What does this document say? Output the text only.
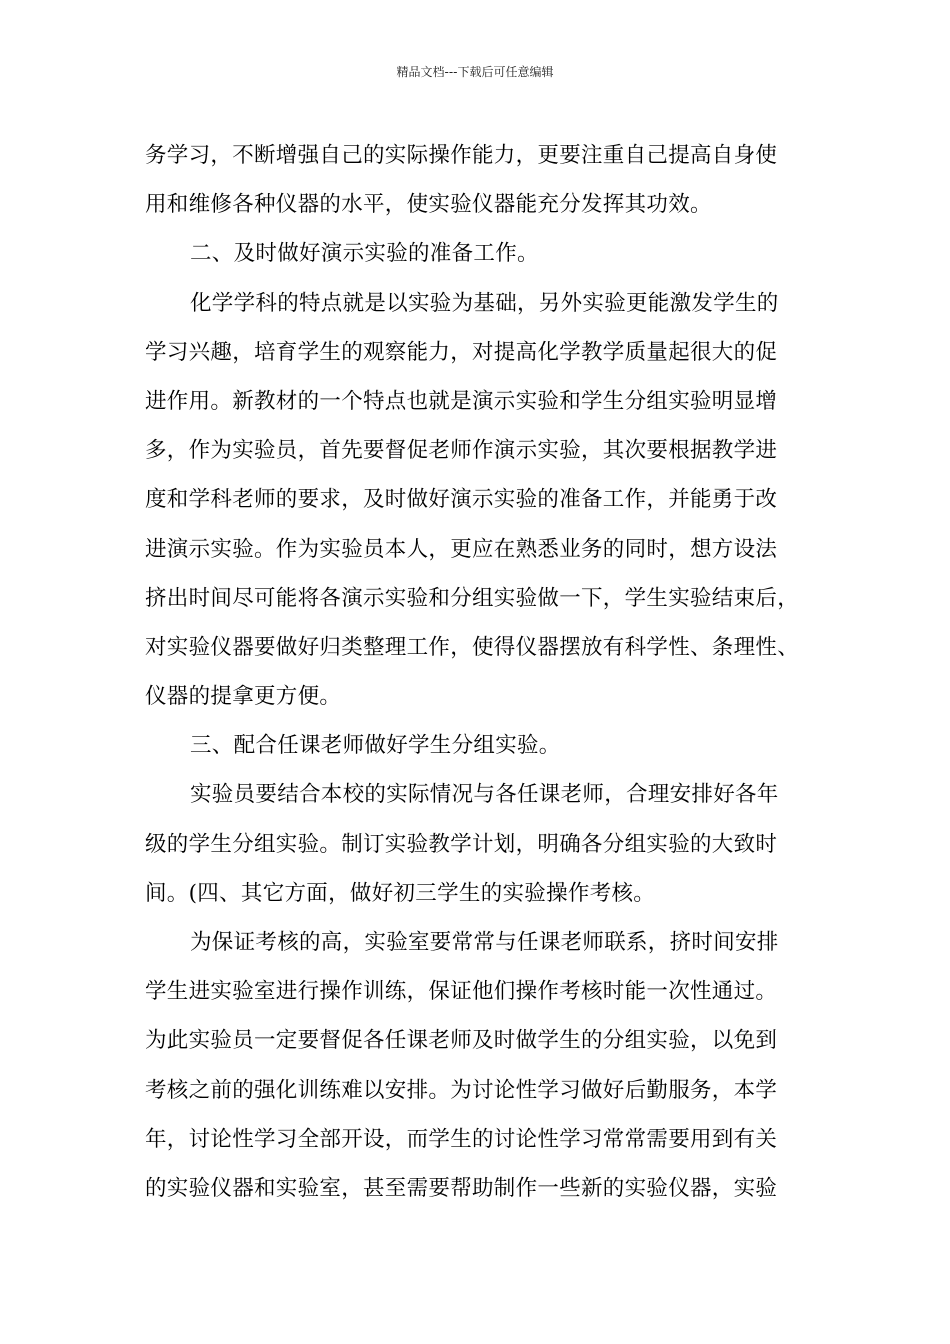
精品文档---下载后可任意编辑
务学习，不断增强自己的实际操作能力，更要注重自己提高自身使
用和维修各种仪器的水平，使实验仪器能充分发挥其功效。
二、及时做好演示实验的准备工作。
化学学科的特点就是以实验为基础，另外实验更能激发学生的
学习兴趣，培育学生的观察能力，对提高化学教学质量起很大的促
进作用。新教材的一个特点也就是演示实验和学生分组实验明显增
多，作为实验员，首先要督促老师作演示实验，其次要根据教学进
度和学科老师的要求，及时做好演示实验的准备工作，并能勇于改
进演示实验。作为实验员本人，更应在熟悉业务的同时，想方设法
挤出时间尽可能将各演示实验和分组实验做一下，学生实验结束后，
对实验仪器要做好归类整理工作，使得仪器摆放有科学性、条理性、
仪器的提拿更方便。
三、配合任课老师做好学生分组实验。
实验员要结合本校的实际情况与各任课老师，合理安排好各年
级的学生分组实验。制订实验教学计划，明确各分组实验的大致时
间。(四、其它方面，做好初三学生的实验操作考核。
为保证考核的高，实验室要常常与任课老师联系，挤时间安排
学生进实验室进行操作训练，保证他们操作考核时能一次性通过。
为此实验员一定要督促各任课老师及时做学生的分组实验，以免到
考核之前的强化训练难以安排。为讨论性学习做好后勤服务，本学
年，讨论性学习全部开设，而学生的讨论性学习常常需要用到有关
的实验仪器和实验室，甚至需要帮助制作一些新的实验仪器，实验
